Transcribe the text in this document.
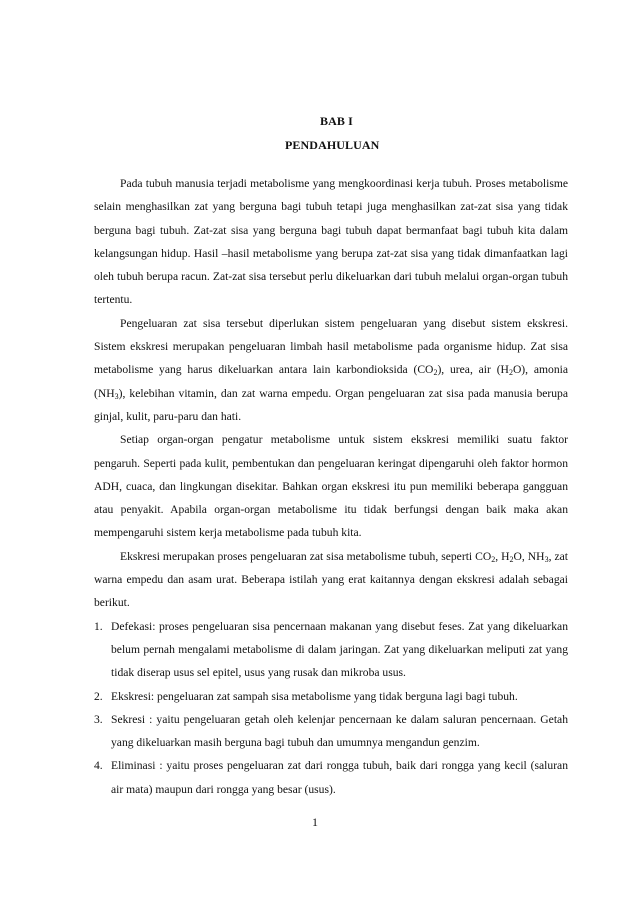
BAB I
PENDAHULUAN

Pada tubuh manusia terjadi metabolisme yang mengkoordinasi kerja tubuh. Proses metabolisme selain menghasilkan zat yang berguna bagi tubuh tetapi juga menghasilkan zat-zat sisa yang tidak berguna bagi tubuh. Zat-zat sisa yang berguna bagi tubuh dapat bermanfaat bagi tubuh kita dalam kelangsungan hidup. Hasil –hasil metabolisme yang berupa zat-zat sisa yang tidak dimanfaatkan lagi oleh tubuh berupa racun. Zat-zat sisa tersebut perlu dikeluarkan dari tubuh melalui organ-organ tubuh tertentu.

Pengeluaran zat sisa tersebut diperlukan sistem pengeluaran yang disebut sistem ekskresi. Sistem ekskresi merupakan pengeluaran limbah hasil metabolisme pada organisme hidup. Zat sisa metabolisme yang harus dikeluarkan antara lain karbondioksida $(CO_2)$, urea, air $(H_2O)$, amonia $(NH_3)$, kelebihan vitamin, dan zat warna empedu. Organ pengeluaran zat sisa pada manusia berupa ginjal, kulit, paru-paru dan hati.

Setiap organ-organ pengatur metabolisme untuk sistem ekskresi memiliki suatu faktor pengaruh. Seperti pada kulit, pembentukan dan pengeluaran keringat dipengaruhi oleh faktor hormon ADH, cuaca, dan lingkungan disekitar. Bahkan organ ekskresi itu pun memiliki beberapa gangguan atau penyakit. Apabila organ-organ metabolisme itu tidak berfungsi dengan baik maka akan mempengaruhi sistem kerja metabolisme pada tubuh kita.

Ekskresi merupakan proses pengeluaran zat sisa metabolisme tubuh, seperti $CO_2$, $H_2O$, $NH_3$, zat warna empedu dan asam urat. Beberapa istilah yang erat kaitannya dengan ekskresi adalah sebagai berikut.

1. Defekasi: proses pengeluaran sisa pencernaan makanan yang disebut feses. Zat yang dikeluarkan belum pernah mengalami metabolisme di dalam jaringan. Zat yang dikeluarkan meliputi zat yang tidak diserap usus sel epitel, usus yang rusak dan mikroba usus.
2. Ekskresi: pengeluaran zat sampah sisa metabolisme yang tidak berguna lagi bagi tubuh.
3. Sekresi : yaitu pengeluaran getah oleh kelenjar pencernaan ke dalam saluran pencernaan. Getah yang dikeluarkan masih berguna bagi tubuh dan umumnya mengandun genzim.
4. Eliminasi : yaitu proses pengeluaran zat dari rongga tubuh, baik dari rongga yang kecil (saluran air mata) maupun dari rongga yang besar (usus).
1
